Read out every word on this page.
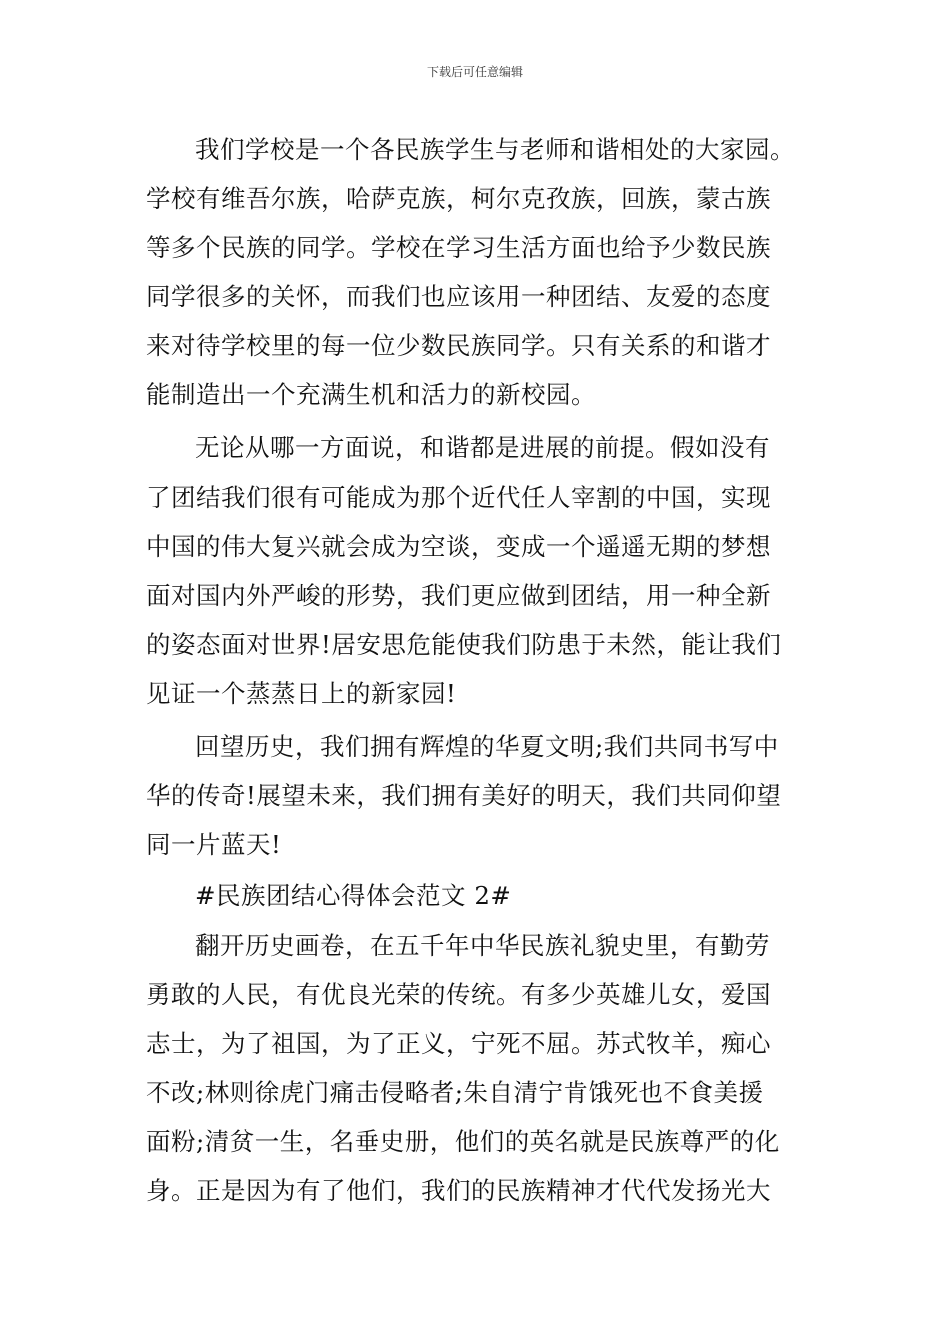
下载后可任意编辑
我们学校是一个各民族学生与老师和谐相处的大家园。
学校有维吾尔族，哈萨克族，柯尔克孜族，回族，蒙古族
等多个民族的同学。学校在学习生活方面也给予少数民族
同学很多的关怀，而我们也应该用一种团结、友爱的态度
来对待学校里的每一位少数民族同学。只有关系的和谐才
能制造出一个充满生机和活力的新校园。
无论从哪一方面说，和谐都是进展的前提。假如没有
了团结我们很有可能成为那个近代任人宰割的中国，实现
中国的伟大复兴就会成为空谈，变成一个遥遥无期的梦想
面对国内外严峻的形势，我们更应做到团结，用一种全新
的姿态面对世界!居安思危能使我们防患于未然，能让我们
见证一个蒸蒸日上的新家园!
回望历史，我们拥有辉煌的华夏文明;我们共同书写中
华的传奇!展望未来，我们拥有美好的明天，我们共同仰望
同一片蓝天!
#民族团结心得体会范文 2#
翻开历史画卷，在五千年中华民族礼貌史里，有勤劳
勇敢的人民，有优良光荣的传统。有多少英雄儿女，爱国
志士，为了祖国，为了正义，宁死不屈。苏式牧羊，痴心
不改;林则徐虎门痛击侵略者;朱自清宁肯饿死也不食美援
面粉;清贫一生，名垂史册，他们的英名就是民族尊严的化
身。正是因为有了他们，我们的民族精神才代代发扬光大
